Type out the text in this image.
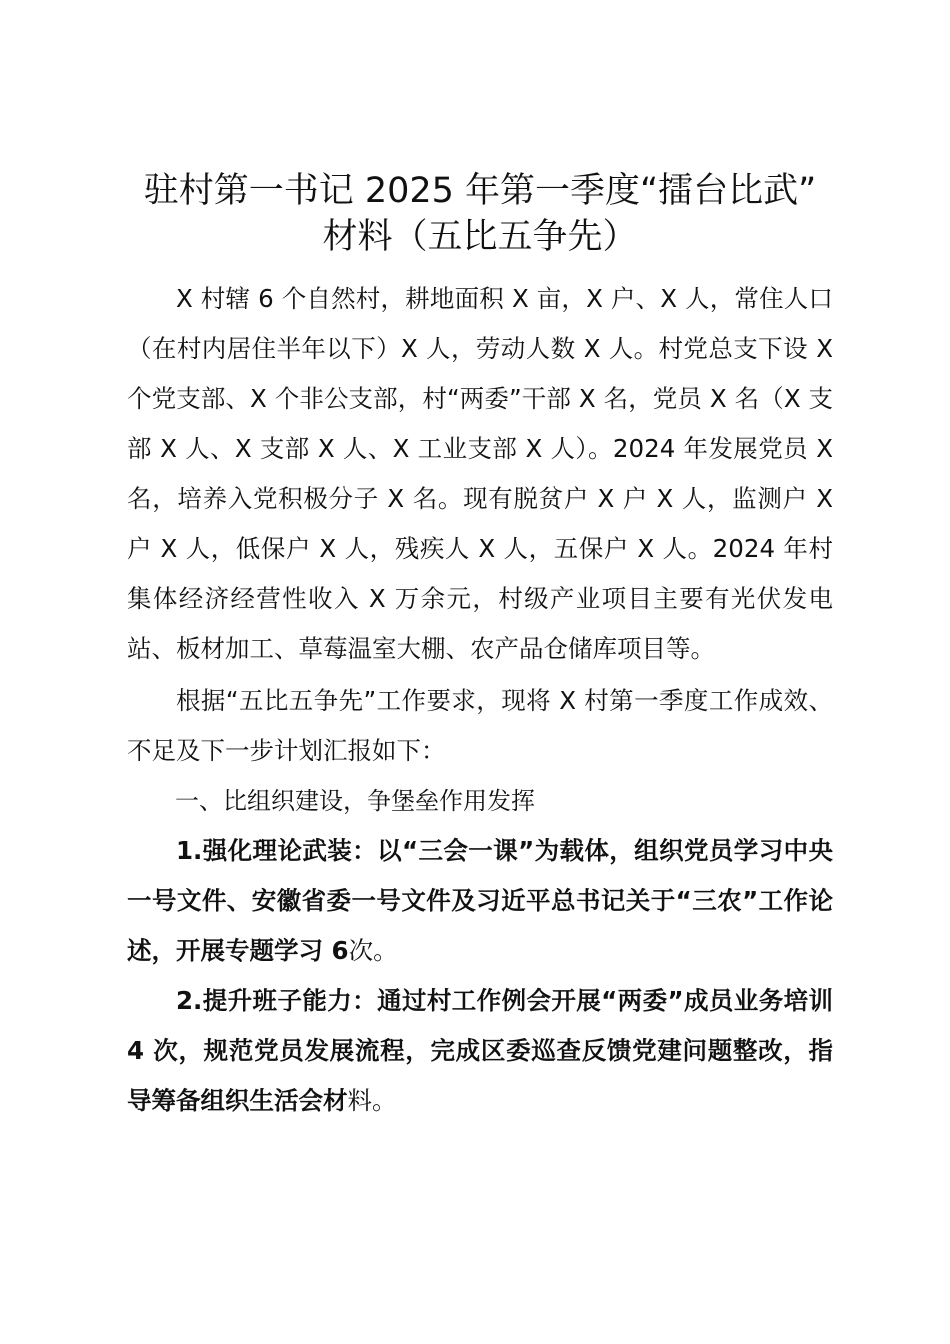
驻村第一书记 2025 年第一季度“擂台比武”
材料（五比五争先）

X 村辖 6 个自然村，耕地面积 X 亩，X 户、X 人，常住人口（在村内居住半年以下）X 人，劳动人数 X 人。村党总支下设 X 个党支部、X 个非公支部，村“两委”干部 X 名，党员 X 名（X 支部 X 人、X 支部 X 人、X 工业支部 X 人）。2024 年发展党员 X 名，培养入党积极分子 X 名。现有脱贫户 X 户 X 人，监测户 X 户 X 人，低保户 X 人，残疾人 X 人，五保户 X 人。2024 年村集体经济经营性收入 X 万余元，村级产业项目主要有光伏发电站、板材加工、草莓温室大棚、农产品仓储库项目等。

根据“五比五争先”工作要求，现将 X 村第一季度工作成效、不足及下一步计划汇报如下：

一、比组织建设，争堡垒作用发挥

1.强化理论武装：以“三会一课”为载体，组织党员学习中央一号文件、安徽省委一号文件及习近平总书记关于“三农”工作论述，开展专题学习 6次。

2.提升班子能力：通过村工作例会开展“两委”成员业务培训 4 次，规范党员发展流程，完成区委巡查反馈党建问题整改，指导筹备组织生活会材料。
